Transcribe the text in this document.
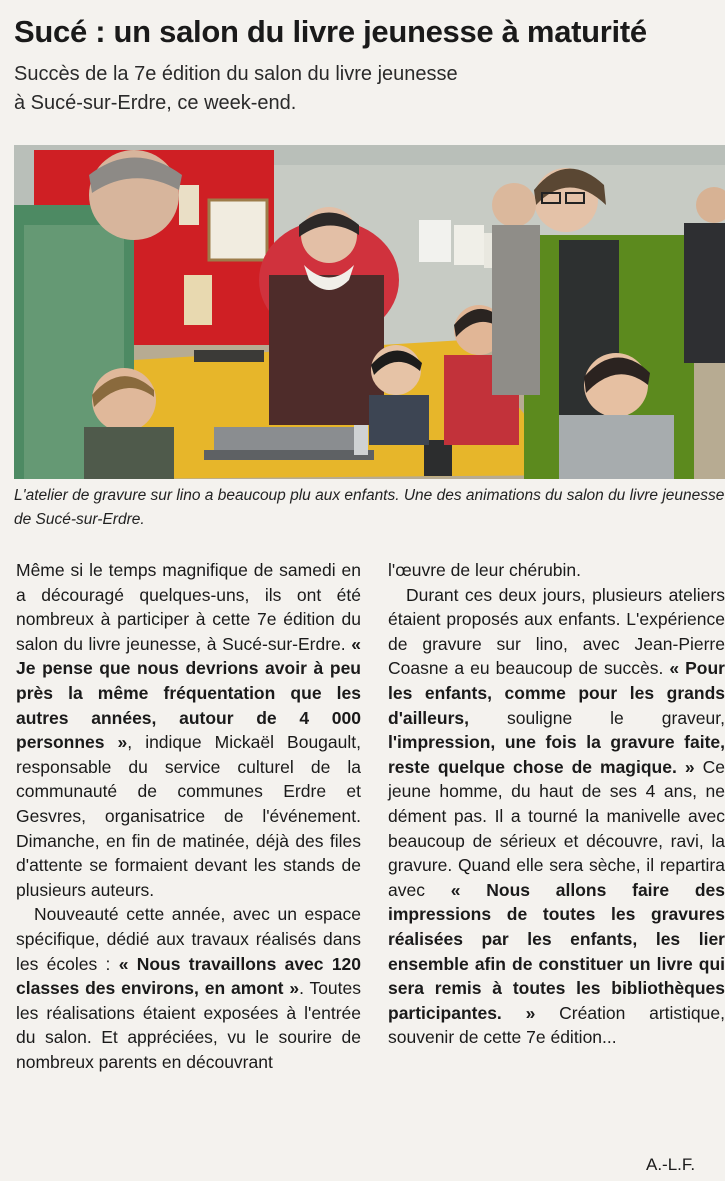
Sucé : un salon du livre jeunesse à maturité
Succès de la 7e édition du salon du livre jeunesse
à Sucé-sur-Erdre, ce week-end.
L'atelier de gravure sur lino a beaucoup plu aux enfants. Une des animations du salon du livre jeunesse de Sucé-sur-Erdre.

Même si le temps magnifique de samedi en a découragé quelques-uns, ils ont été nombreux à participer à cette 7e édition du salon du livre jeunesse, à Sucé-sur-Erdre. « Je pense que nous devrions avoir à peu près la même fréquentation que les autres années, autour de 4 000 personnes », indique Mickaël Bougault, responsable du service culturel de la communauté de communes Erdre et Gesvres, organisatrice de l'événement. Dimanche, en fin de matinée, déjà des files d'attente se formaient devant les stands de plusieurs auteurs.

Nouveauté cette année, avec un espace spécifique, dédié aux travaux réalisés dans les écoles : « Nous travaillons avec 120 classes des environs, en amont ». Toutes les réalisations étaient exposées à l'entrée du salon. Et appréciées, vu le sourire de nombreux parents en découvrant

l'œuvre de leur chérubin.

Durant ces deux jours, plusieurs ateliers étaient proposés aux enfants. L'expérience de gravure sur lino, avec Jean-Pierre Coasne a eu beaucoup de succès. « Pour les enfants, comme pour les grands d'ailleurs, souligne le graveur, l'impression, une fois la gravure faite, reste quelque chose de magique. » Ce jeune homme, du haut de ses 4 ans, ne dément pas. Il a tourné la manivelle avec beaucoup de sérieux et découvre, ravi, la gravure. Quand elle sera sèche, il repartira avec « Nous allons faire des impressions de toutes les gravures réalisées par les enfants, les lier ensemble afin de constituer un livre qui sera remis à toutes les bibliothèques participantes. » Création artistique, souvenir de cette 7e édition...

A.-L.F.
